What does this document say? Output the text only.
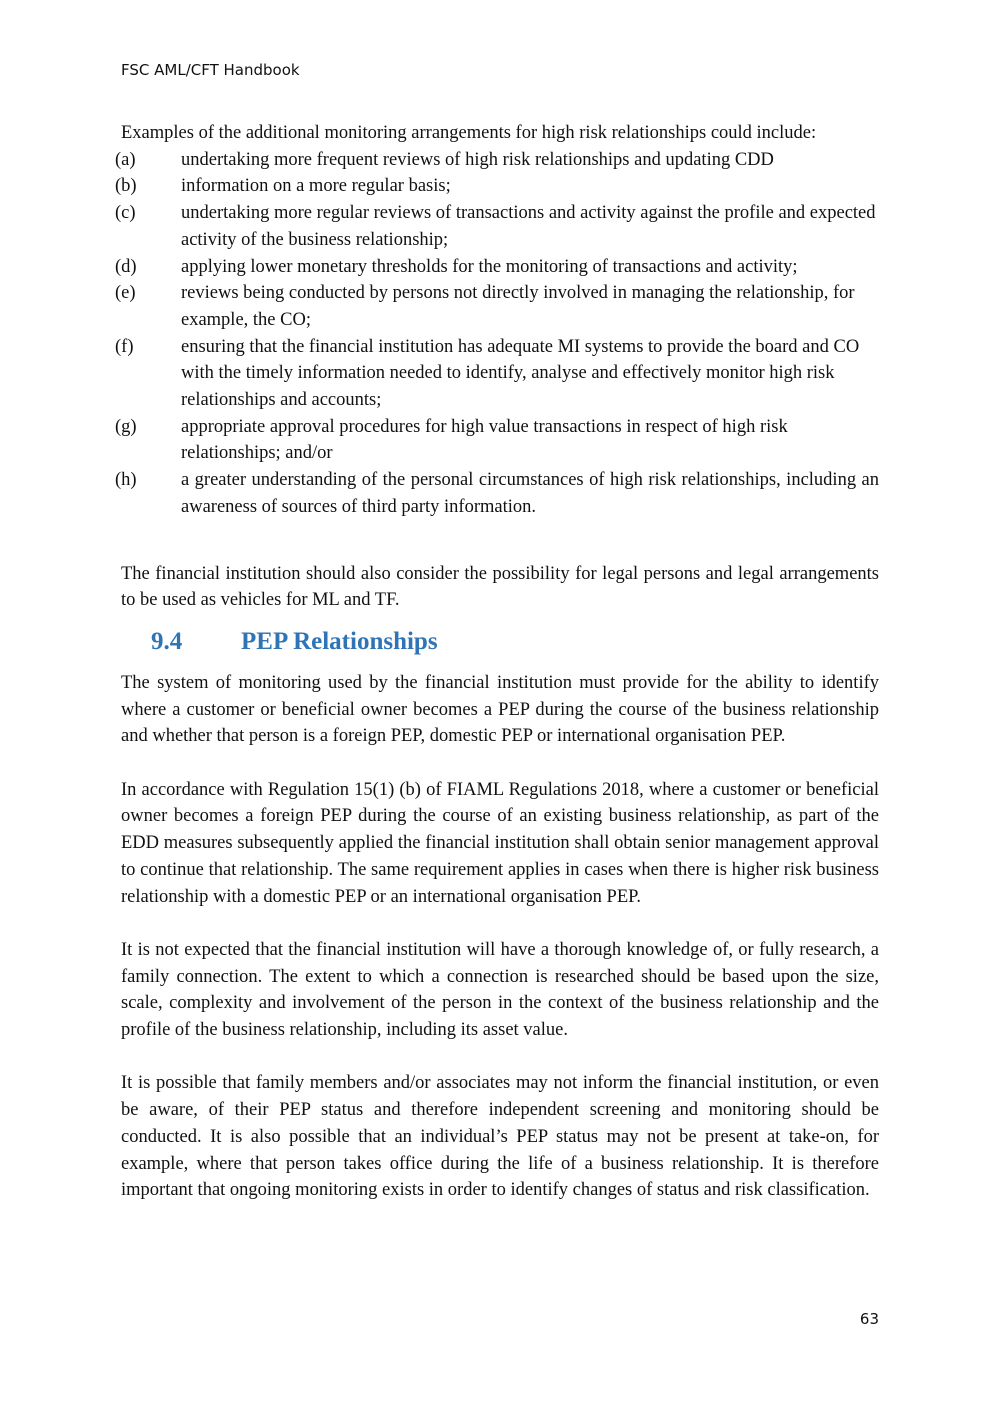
FSC AML/CFT Handbook

Examples of the additional monitoring arrangements for high risk relationships could include:

(a)	undertaking more frequent reviews of high risk relationships and updating CDD
(b)	information on a more regular basis;
(c)	undertaking more regular reviews of transactions and activity against the profile and expected activity of the business relationship;
(d)	applying lower monetary thresholds for the monitoring of transactions and activity;
(e)	reviews being conducted by persons not directly involved in managing the relationship, for example, the CO;
(f)	ensuring that the financial institution has adequate MI systems to provide the board and CO with the timely information needed to identify, analyse and effectively monitor high risk relationships and accounts;
(g)	appropriate approval procedures for high value transactions in respect of high risk relationships; and/or
(h)	a greater understanding of the personal circumstances of high risk relationships, including an awareness of sources of third party information.

The financial institution should also consider the possibility for legal persons and legal arrangements to be used as vehicles for ML and TF.

9.4	PEP Relationships

The system of monitoring used by the financial institution must provide for the ability to identify where a customer or beneficial owner becomes a PEP during the course of the business relationship and whether that person is a foreign PEP, domestic PEP or international organisation PEP.

In accordance with Regulation 15(1) (b) of FIAML Regulations 2018, where a customer or beneficial owner becomes a foreign PEP during the course of an existing business relationship, as part of the EDD measures subsequently applied the financial institution shall obtain senior management approval to continue that relationship. The same requirement applies in cases when there is higher risk business relationship with a domestic PEP or an international organisation PEP.

It is not expected that the financial institution will have a thorough knowledge of, or fully research, a family connection. The extent to which a connection is researched should be based upon the size, scale, complexity and involvement of the person in the context of the business relationship and the profile of the business relationship, including its asset value.

It is possible that family members and/or associates may not inform the financial institution, or even be aware, of their PEP status and therefore independent screening and monitoring should be conducted. It is also possible that an individual’s PEP status may not be present at take-on, for example, where that person takes office during the life of a business relationship. It is therefore important that ongoing monitoring exists in order to identify changes of status and risk classification.

63
